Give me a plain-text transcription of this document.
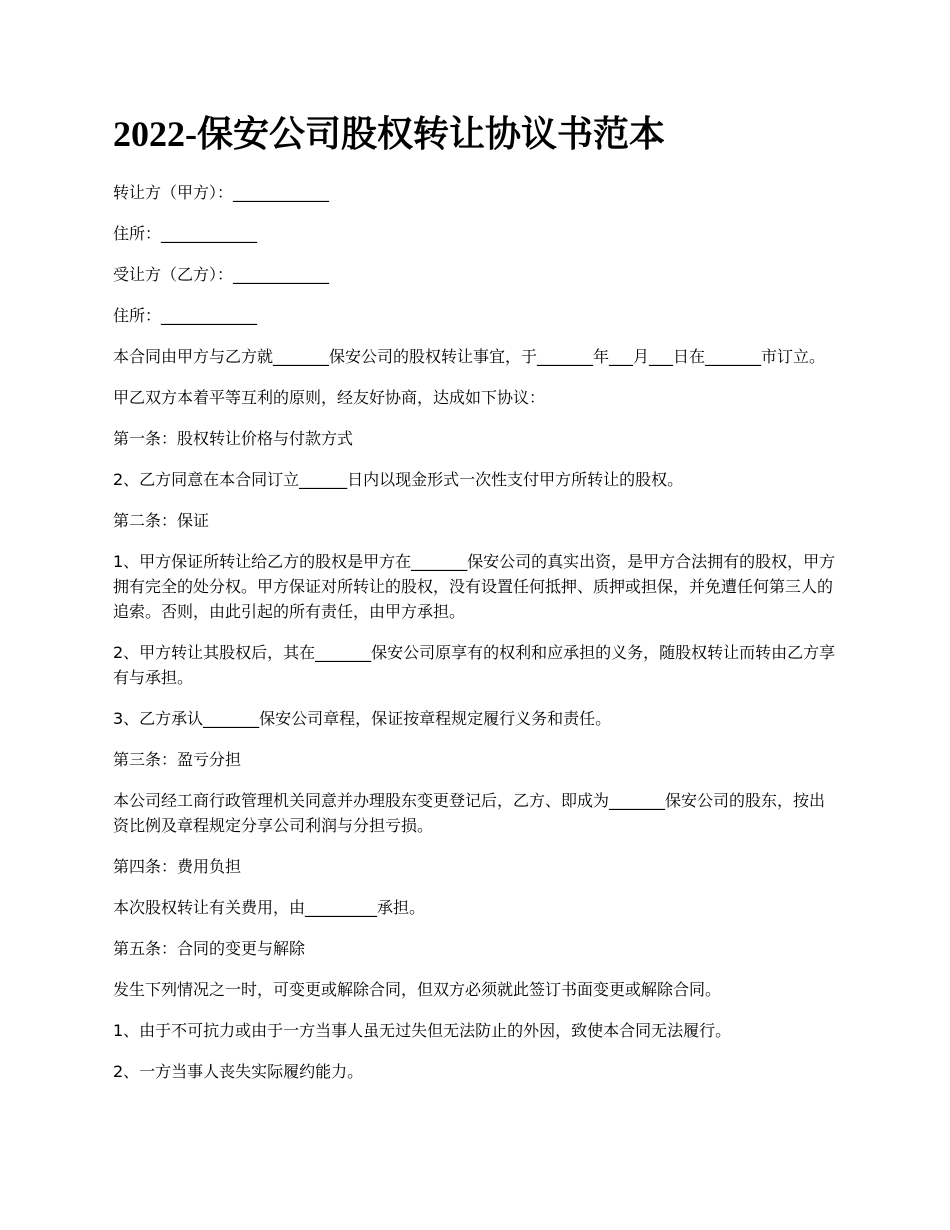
2022-保安公司股权转让协议书范本

转让方（甲方）：____________

住所：____________

受让方（乙方）：____________

住所：____________

本合同由甲方与乙方就_______保安公司的股权转让事宜，于_______年___月___日在_______市订立。

甲乙双方本着平等互利的原则，经友好协商，达成如下协议：

第一条：股权转让价格与付款方式

2、乙方同意在本合同订立______日内以现金形式一次性支付甲方所转让的股权。

第二条：保证

1、甲方保证所转让给乙方的股权是甲方在_______保安公司的真实出资，是甲方合法拥有的股权，甲方拥有完全的处分权。甲方保证对所转让的股权，没有设置任何抵押、质押或担保，并免遭任何第三人的追索。否则，由此引起的所有责任，由甲方承担。

2、甲方转让其股权后，其在_______保安公司原享有的权利和应承担的义务，随股权转让而转由乙方享有与承担。

3、乙方承认_______保安公司章程，保证按章程规定履行义务和责任。

第三条：盈亏分担

本公司经工商行政管理机关同意并办理股东变更登记后，乙方、即成为_______保安公司的股东，按出资比例及章程规定分享公司利润与分担亏损。

第四条：费用负担

本次股权转让有关费用，由_________承担。

第五条：合同的变更与解除

发生下列情况之一时，可变更或解除合同，但双方必须就此签订书面变更或解除合同。

1、由于不可抗力或由于一方当事人虽无过失但无法防止的外因，致使本合同无法履行。

2、一方当事人丧失实际履约能力。
